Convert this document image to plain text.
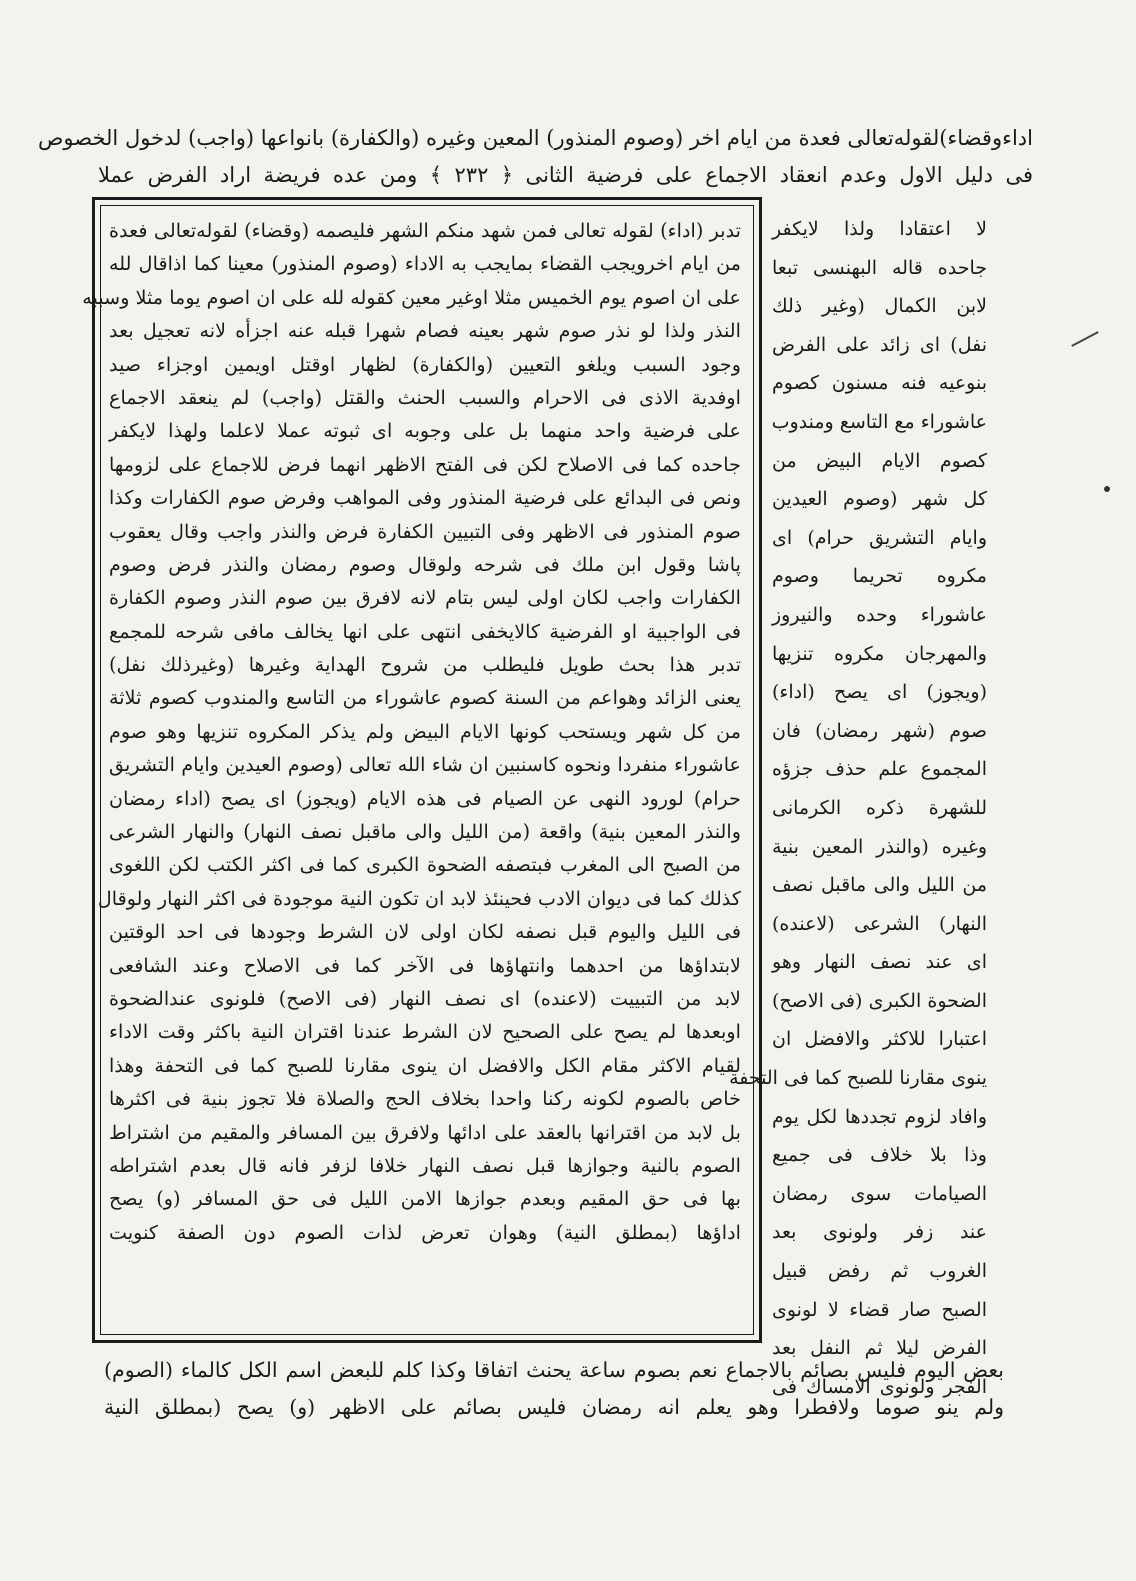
اداءوقضاء)لقولەتعالی فعدة من ايام اخر (وصوم المنذور) المعين وغيره (والكفارة) بانواعها (واجب) لدخول الخصوص
فی دليل الاول وعدم انعقاد الاجماع على فرضية الثانى ﴿ ٢٣٢ ﴾ ومن عده فريضة اراد الفرض عملا
تدبر (اداء) لقوله تعالى فمن شهد منكم الشهر فليصمه (وقضاء) لقولەتعالى فعدة
من ايام اخرويجب القضاء بمايجب به الاداء (وصوم المنذور) معينا كما اذاقال لله
على ان اصوم يوم الخميس مثلا اوغير معين كقوله لله على ان اصوم يوما مثلا وسببه
النذر ولذا لو نذر صوم شهر بعينه فصام شهرا قبله عنه اجزأه لانه تعجيل بعد
وجود السبب ويلغو التعيين (والكفارة) لظهار اوقتل اويمين اوجزاء صيد
اوفدية الاذى فى الاحرام والسبب الحنث والقتل (واجب) لم ينعقد الاجماع
على فرضية واحد منهما بل على وجوبه اى ثبوته عملا لاعلما ولهذا لايكفر
جاحده كما فى الاصلاح لكن فى الفتح الاظهر انهما فرض للاجماع على لزومها
ونص فى البدائع على فرضية المنذور وفى المواهب وفرض صوم الكفارات وكذا
صوم المنذور فى الاظهر وفى التبيين الكفارة فرض والنذر واجب وقال يعقوب
پاشا وقول ابن ملك فى شرحه ولوقال وصوم رمضان والنذر فرض وصوم
الكفارات واجب لكان اولى ليس بتام لانه لافرق بين صوم النذر وصوم الكفارة
فى الواجبية او الفرضية كالايخفى انتهى على انها يخالف مافى شرحه للمجمع
تدبر هذا بحث طويل فليطلب من شروح الهداية وغيرها (وغيرذلك نفل)
يعنى الزائد وهواعم من السنة كصوم عاشوراء من التاسع والمندوب كصوم ثلاثة
من كل شهر ويستحب كونها الايام البيض ولم يذكر المكروه تنزيها وهو صوم
عاشوراء منفردا ونحوه كاسنبين ان شاء الله تعالى (وصوم العيدين وايام التشريق
حرام) لورود النهى عن الصيام فى هذه الايام (ويجوز) اى يصح (اداء رمضان
والنذر المعين بنية) واقعة (من الليل والى ماقبل نصف النهار) والنهار الشرعى
من الصبح الى المغرب فبتصفه الضحوة الكبرى كما فى اكثر الكتب لكن اللغوى
كذلك كما فى ديوان الادب فحينئذ لابد ان تكون النية موجودة فى اكثر النهار ولوقال
فى الليل واليوم قبل نصفه لكان اولى لان الشرط وجودها فى احد الوقتين
لابتداؤها من احدهما وانتهاؤها فى الآخر كما فى الاصلاح وعند الشافعى
لابد من التبييت (لاعنده) اى نصف النهار (فى الاصح) فلونوى عندالضحوة
اوبعدها لم يصح على الصحيح لان الشرط عندنا اقتران النية باكثر وقت الاداء
لقيام الاكثر مقام الكل والافضل ان ينوى مقارنا للصبح كما فى التحفة وهذا
خاص بالصوم لكونه ركنا واحدا بخلاف الحج والصلاة فلا تجوز بنية فى اكثرها
بل لابد من اقترانها بالعقد على ادائها ولافرق بين المسافر والمقيم من اشتراط
الصوم بالنية وجوازها قبل نصف النهار خلافا لزفر فانه قال بعدم اشتراطه
بها فى حق المقيم وبعدم جوازها الامن الليل فى حق المسافر (و) يصح
اداؤها (بمطلق النية) وهوان تعرض لذات الصوم دون الصفة كنويت
لا اعتقادا ولذا لايكفر
جاحده قاله البهنسى تبعا
لابن الكمال (وغير ذلك
نفل) اى زائد على الفرض
بنوعيه فنه مسنون كصوم
عاشوراء مع التاسع ومندوب
كصوم الايام البيض من
كل شهر (وصوم العيدين
وايام التشريق حرام) اى
مكروه تحريما وصوم
عاشوراء وحده والنيروز
والمهرجان مكروه تنزيها
(ويجوز) اى يصح (اداء)
صوم (شهر رمضان) فان
المجموع علم حذف جزؤه
للشهرة ذكره الكرمانى
وغيره (والنذر المعين بنية
من الليل والى ماقبل نصف
النهار) الشرعى (لاعنده)
اى عند نصف النهار وهو
الضحوة الكبرى (فى الاصح)
اعتبارا للاكثر والافضل ان
ينوى مقارنا للصبح كما فى التحفة
وافاد لزوم تجددها لكل يوم
وذا بلا خلاف فى جميع
الصيامات سوى رمضان
عند زفر ولونوى بعد
الغروب ثم رفض قبيل
الصبح صار قضاء لا لونوى
الفرض ليلا ثم النفل بعد
الفجر ولونوى الامساك فى
بعض اليوم فليس بصائم بالاجماع نعم بصوم ساعة يحنث اتفاقا وكذا كلم للبعض اسم الكل كالماء (الصوم)
ولم ينو صوما ولافطرا وهو يعلم انه رمضان فليس بصائم على الاظهر (و) يصح (بمطلق النية
